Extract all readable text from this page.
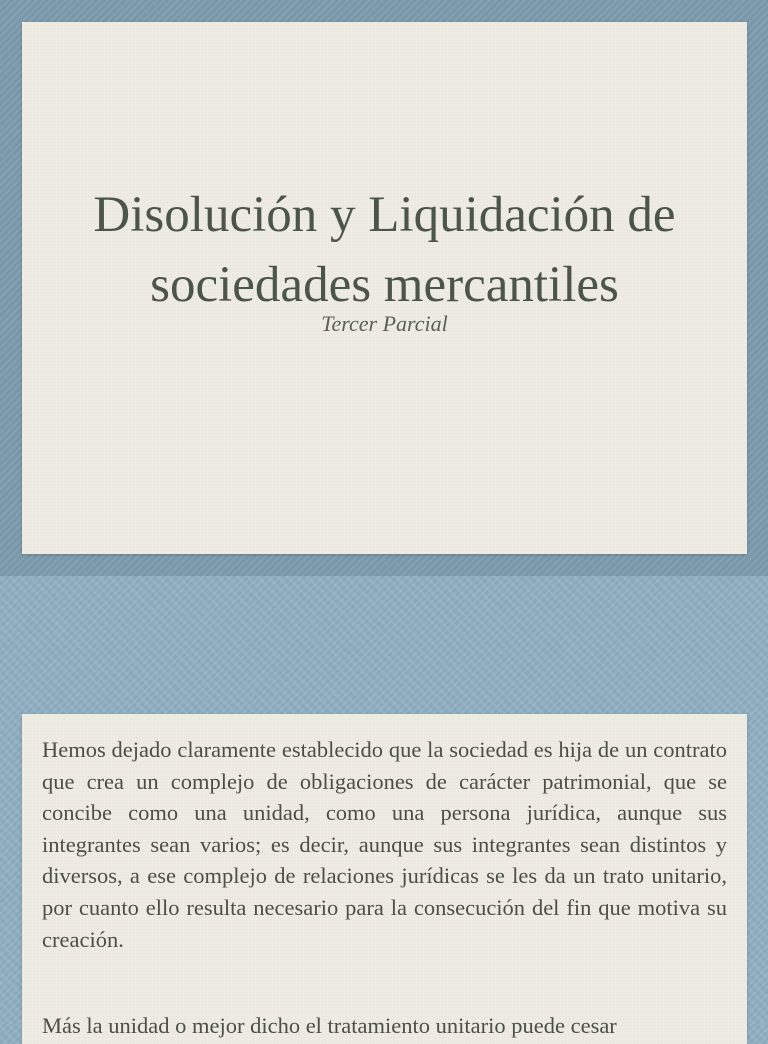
Disolución y Liquidación de sociedades mercantiles

Tercer Parcial

Hemos dejado claramente establecido que la sociedad es hija de un contrato que crea un complejo de obligaciones de carácter patrimonial, que se concibe como una unidad, como una persona jurídica, aunque sus integrantes sean varios; es decir, aunque sus integrantes sean distintos y diversos, a ese complejo de relaciones jurídicas se les da un trato unitario, por cuanto ello resulta necesario para la consecución del fin que motiva su creación.

Más la unidad o mejor dicho el tratamiento unitario puede cesar
